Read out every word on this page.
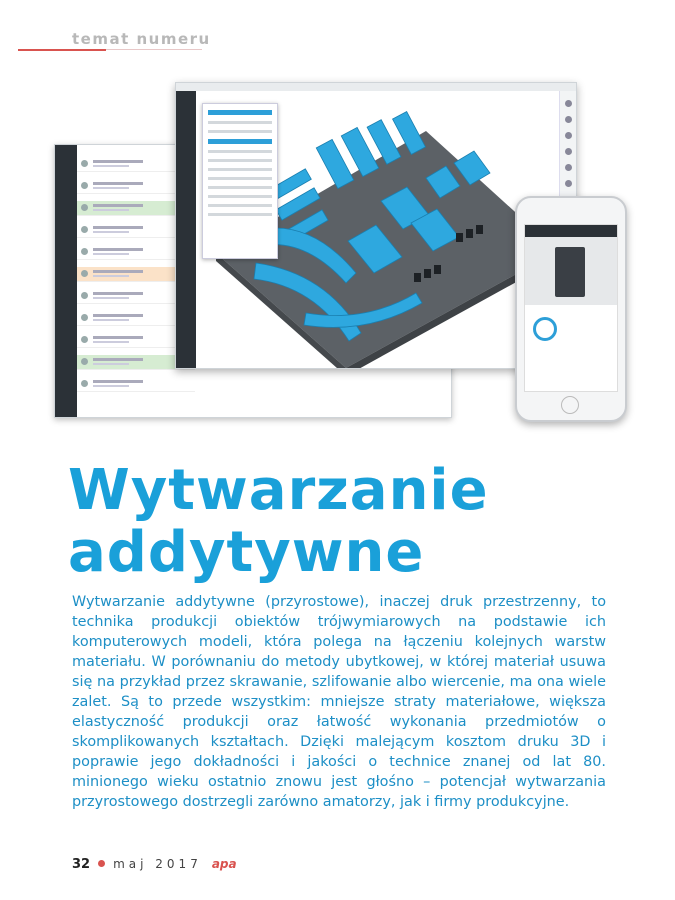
temat numeru
Wytwarzanie
addytywne

Wytwarzanie addytywne (przyrostowe), inaczej druk przestrzenny, to technika produkcji obiektów trójwymiarowych na podstawie ich komputerowych modeli, która polega na łączeniu kolejnych warstw materiału. W porównaniu do metody ubytkowej, w której materiał usuwa się na przykład przez skrawanie, szlifowanie albo wiercenie, ma ona wiele zalet. Są to przede wszystkim: mniejsze straty materiałowe, większa elastyczność produkcji oraz łatwość wykonania przedmiotów o skomplikowanych kształtach. Dzięki malejącym kosztom druku 3D i poprawie jego dokładności i jakości o technice znanej od lat 80. minionego wieku ostatnio znowu jest głośno – potencjał wytwarzania przyrostowego dostrzegli zarówno amatorzy, jak i firmy produkcyjne.

32 maj 2017 apa
